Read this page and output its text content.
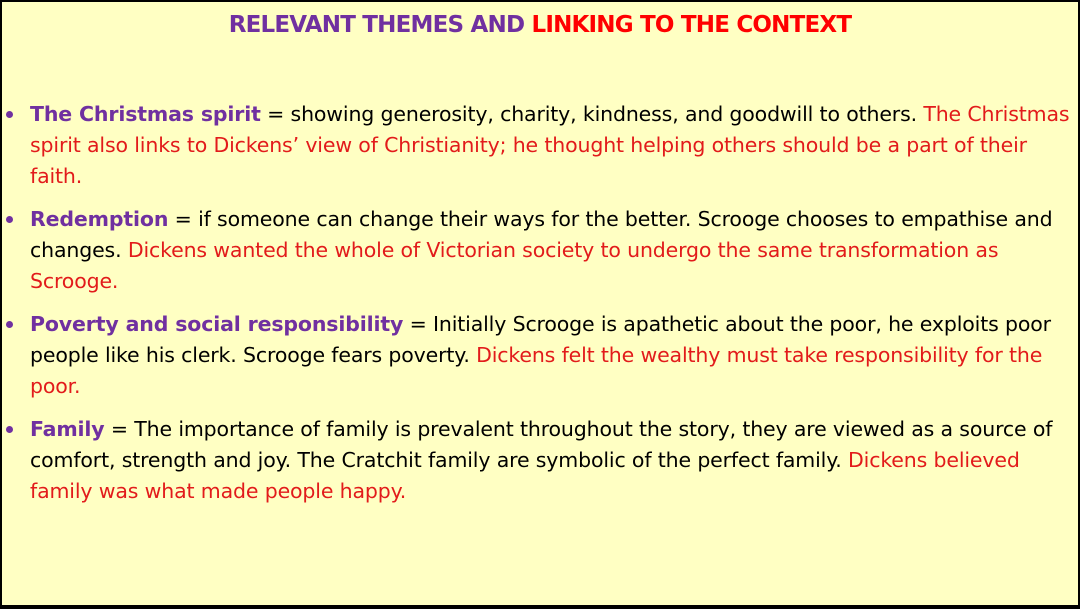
RELEVANT THEMES AND LINKING TO THE CONTEXT
The Christmas spirit = showing generosity, charity, kindness, and goodwill to others. The Christmas spirit also links to Dickens’ view of Christianity; he thought helping others should be a part of their faith.
Redemption = if someone can change their ways for the better. Scrooge chooses to empathise and changes. Dickens wanted the whole of Victorian society to undergo the same transformation as Scrooge.
Poverty and social responsibility = Initially Scrooge is apathetic about the poor, he exploits poor people like his clerk. Scrooge fears poverty. Dickens felt the wealthy must take responsibility for the poor.
Family = The importance of family is prevalent throughout the story, they are viewed as a source of comfort, strength and joy. The Cratchit family are symbolic of the perfect family. Dickens believed family was what made people happy.
